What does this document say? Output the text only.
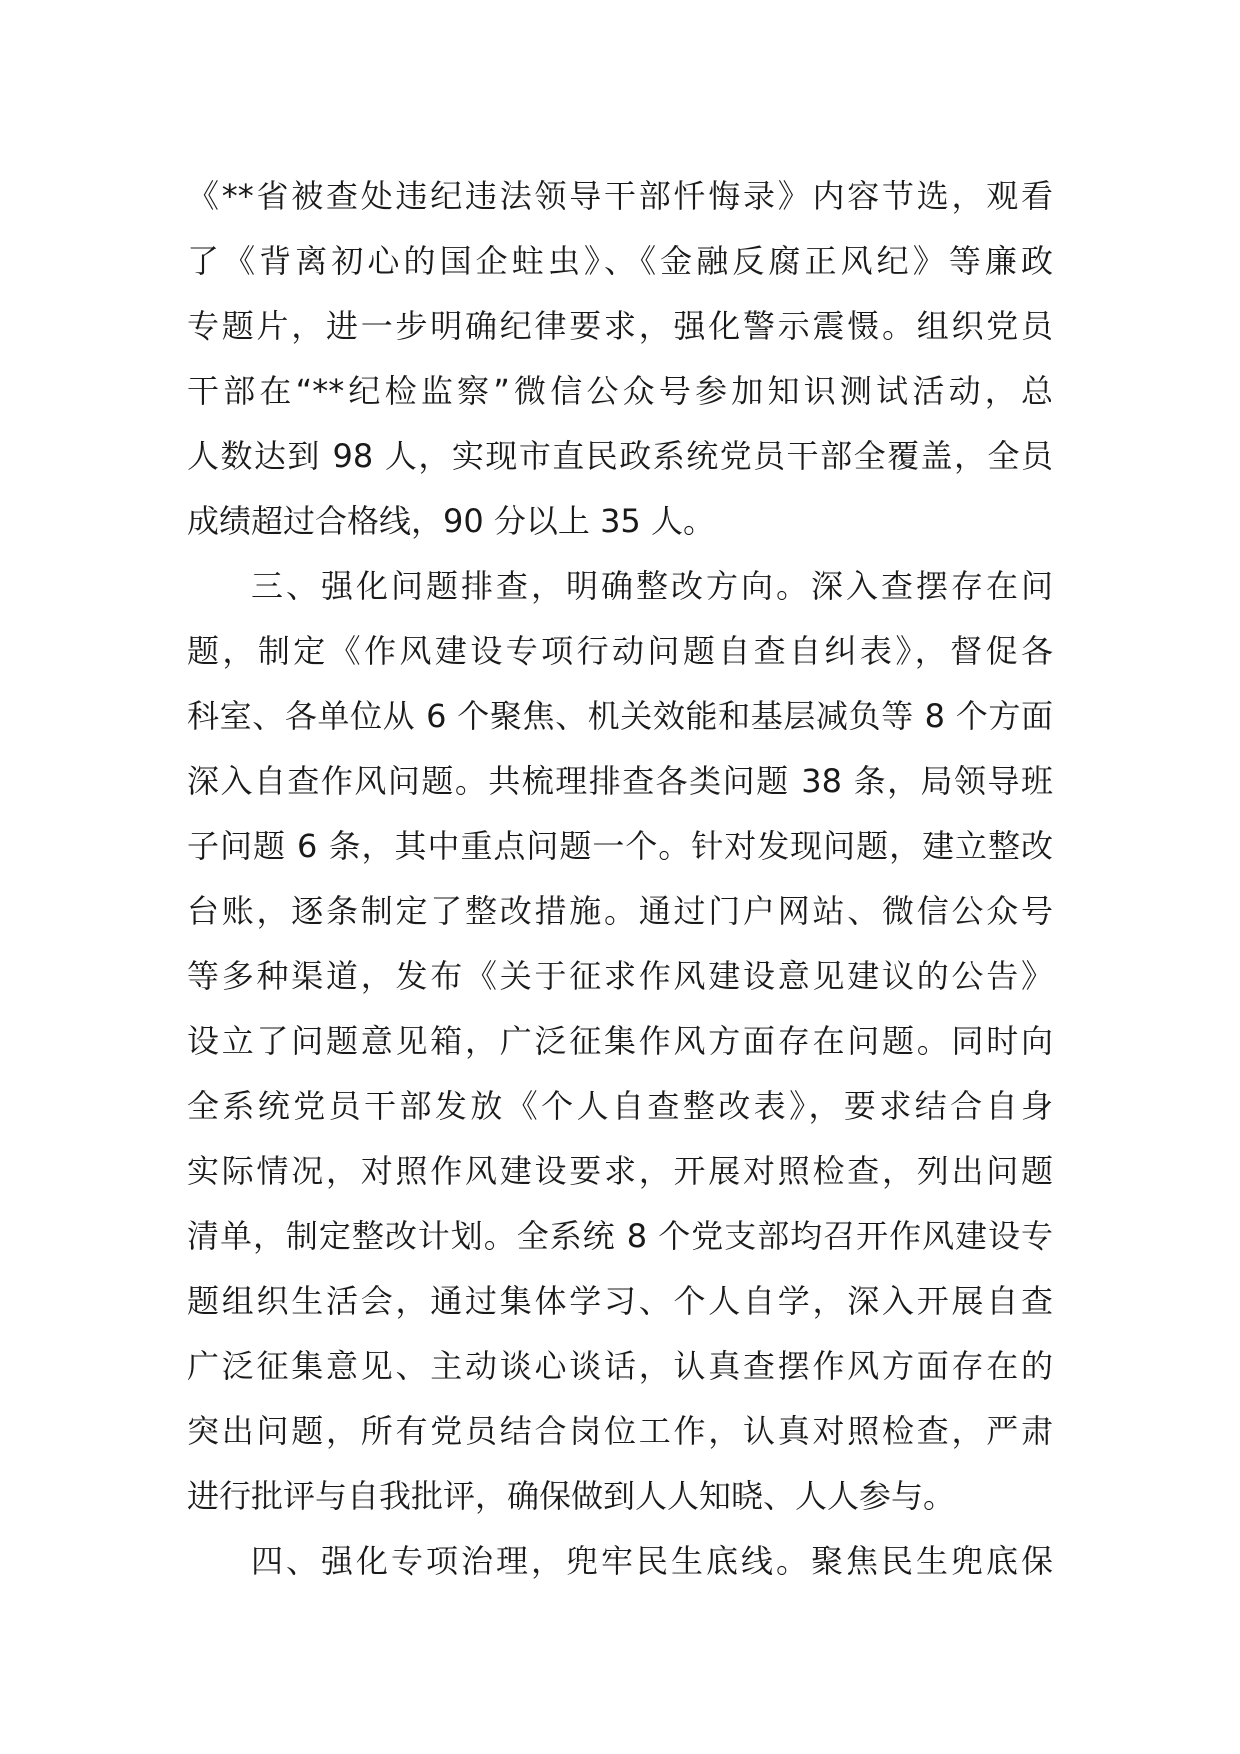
《**省被查处违纪违法领导干部忏悔录》内容节选，观看
了《背离初心的国企蛀虫》、《金融反腐正风纪》等廉政
专题片，进一步明确纪律要求，强化警示震慑。组织党员
干部在“**纪检监察”微信公众号参加知识测试活动，总
人数达到 98 人，实现市直民政系统党员干部全覆盖，全员
成绩超过合格线，90 分以上 35 人。
三、强化问题排查，明确整改方向。深入查摆存在问
题，制定《作风建设专项行动问题自查自纠表》，督促各
科室、各单位从 6 个聚焦、机关效能和基层减负等 8 个方面
深入自查作风问题。共梳理排查各类问题 38 条，局领导班
子问题 6 条，其中重点问题一个。针对发现问题，建立整改
台账，逐条制定了整改措施。通过门户网站、微信公众号
等多种渠道，发布《关于征求作风建设意见建议的公告》
设立了问题意见箱，广泛征集作风方面存在问题。同时向
全系统党员干部发放《个人自查整改表》，要求结合自身
实际情况，对照作风建设要求，开展对照检查，列出问题
清单，制定整改计划。全系统 8 个党支部均召开作风建设专
题组织生活会，通过集体学习、个人自学，深入开展自查
广泛征集意见、主动谈心谈话，认真查摆作风方面存在的
突出问题，所有党员结合岗位工作，认真对照检查，严肃
进行批评与自我批评，确保做到人人知晓、人人参与。
四、强化专项治理，兜牢民生底线。聚焦民生兜底保
